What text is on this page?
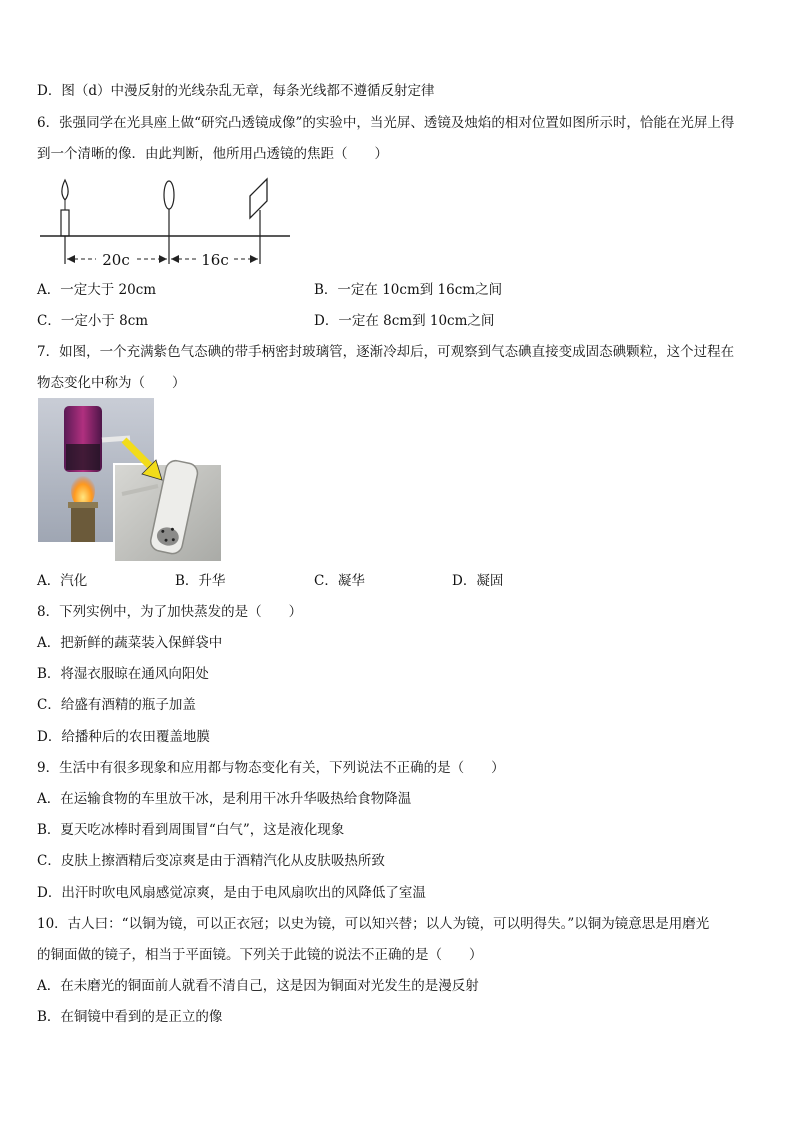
D．图（d）中漫反射的光线杂乱无章，每条光线都不遵循反射定律
6．张强同学在光具座上做“研究凸透镜成像”的实验中，当光屏、透镜及烛焰的相对位置如图所示时，恰能在光屏上得
到一个清晰的像．由此判断，他所用凸透镜的焦距（　　）
20c	16c
A．一定大于 20cm	B．一定在 10cm到 16cm之间
C．一定小于 8cm	D．一定在 8cm到 10cm之间
7．如图，一个充满紫色气态碘的带手柄密封玻璃管，逐渐冷却后，可观察到气态碘直接变成固态碘颗粒，这个过程在
物态变化中称为（　　）
A．汽化	B．升华	C．凝华	D．凝固
8．下列实例中，为了加快蒸发的是（　　）
A．把新鲜的蔬菜装入保鲜袋中
B．将湿衣服晾在通风向阳处
C．给盛有酒精的瓶子加盖
D．给播种后的农田覆盖地膜
9．生活中有很多现象和应用都与物态变化有关，下列说法不正确的是（　　）
A．在运输食物的车里放干冰，是利用干冰升华吸热给食物降温
B．夏天吃冰棒时看到周围冒“白气”，这是液化现象
C．皮肤上擦酒精后变凉爽是由于酒精汽化从皮肤吸热所致
D．出汗时吹电风扇感觉凉爽，是由于电风扇吹出的风降低了室温
10．古人曰：“以铜为镜，可以正衣冠；以史为镜，可以知兴替；以人为镜，可以明得失。”以铜为镜意思是用磨光
的铜面做的镜子，相当于平面镜。下列关于此镜的说法不正确的是（　　）
A．在未磨光的铜面前人就看不清自己，这是因为铜面对光发生的是漫反射
B．在铜镜中看到的是正立的像
